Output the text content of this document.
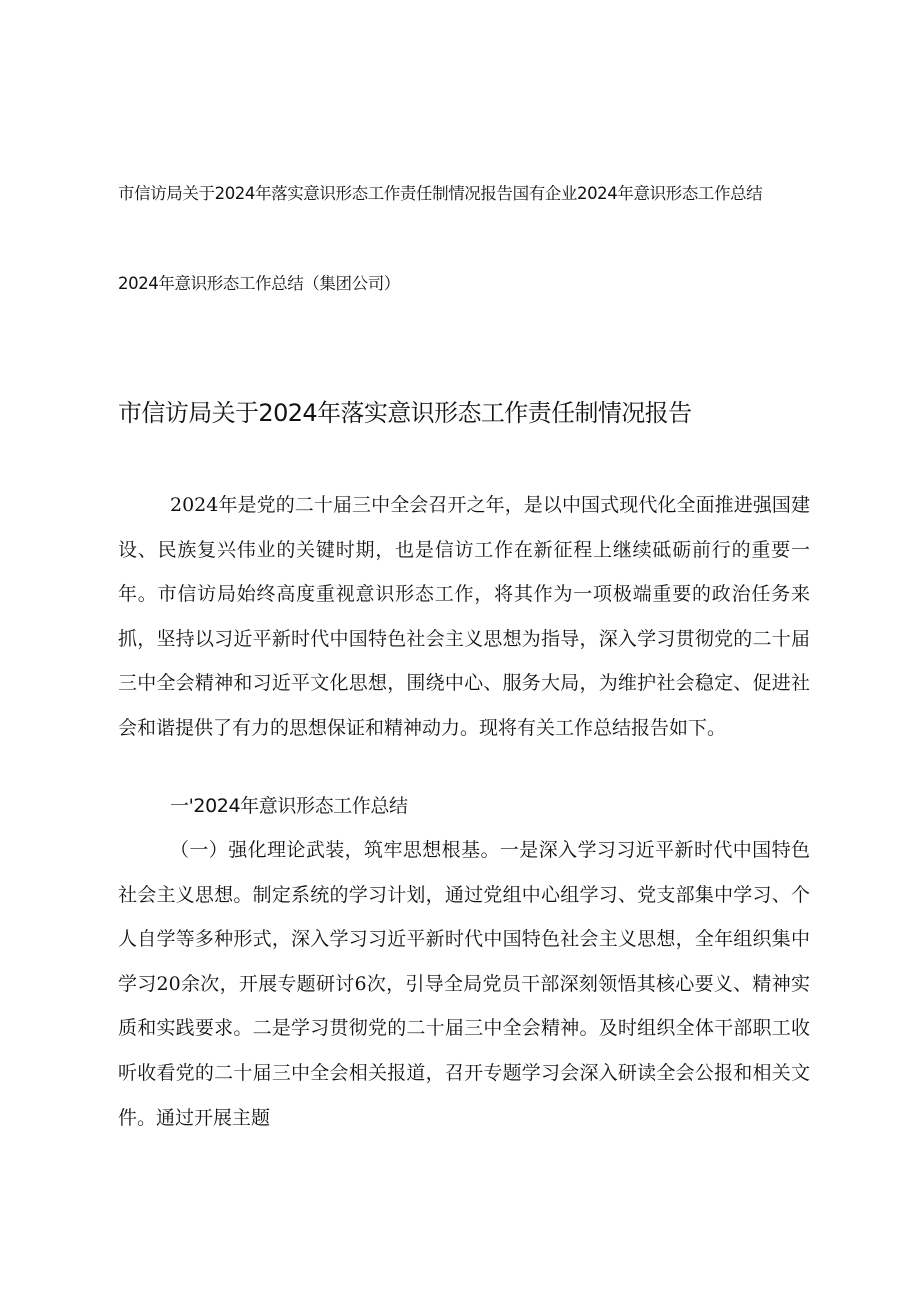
市信访局关于2024年落实意识形态工作责任制情况报告国有企业2024年意识形态工作总结
2024年意识形态工作总结（集团公司）
市信访局关于2024年落实意识形态工作责任制情况报告
2024年是党的二十届三中全会召开之年，是以中国式现代化全面推进强国建设、民族复兴伟业的关键时期，也是信访工作在新征程上继续砥砺前行的重要一年。市信访局始终高度重视意识形态工作，将其作为一项极端重要的政治任务来抓，坚持以习近平新时代中国特色社会主义思想为指导，深入学习贯彻党的二十届三中全会精神和习近平文化思想，围绕中心、服务大局，为维护社会稳定、促进社会和谐提供了有力的思想保证和精神动力。现将有关工作总结报告如下。
一'2024年意识形态工作总结
（一）强化理论武装，筑牢思想根基。一是深入学习习近平新时代中国特色社会主义思想。制定系统的学习计划，通过党组中心组学习、党支部集中学习、个人自学等多种形式，深入学习习近平新时代中国特色社会主义思想，全年组织集中学习20余次，开展专题研讨6次，引导全局党员干部深刻领悟其核心要义、精神实质和实践要求。二是学习贯彻党的二十届三中全会精神。及时组织全体干部职工收听收看党的二十届三中全会相关报道，召开专题学习会深入研读全会公报和相关文件。通过开展主题
